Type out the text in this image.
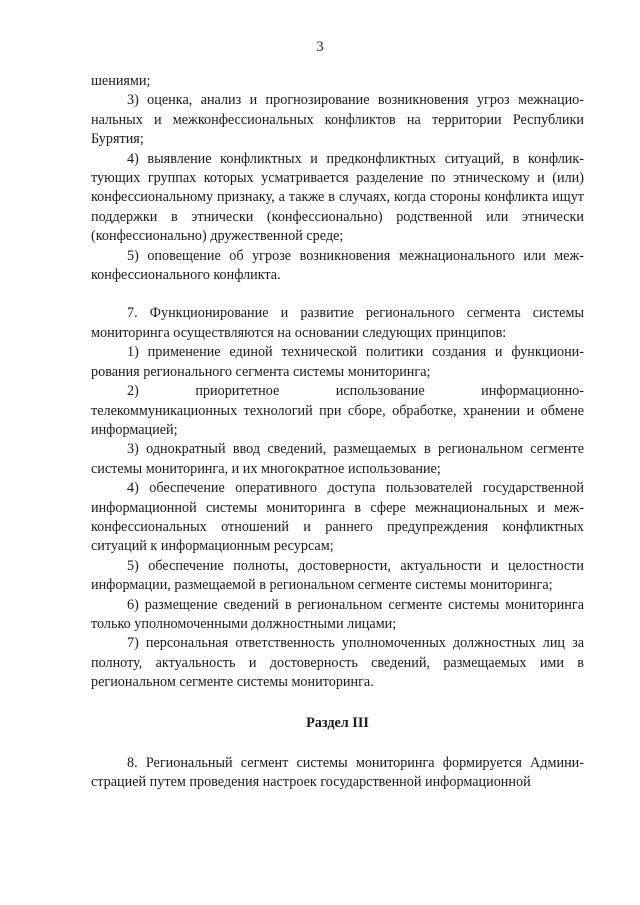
3

шениями;

3) оценка, анализ и прогнозирование возникновения угроз межнациональных и межконфессиональных конфликтов на территории Республики Бурятия;

4) выявление конфликтных и предконфликтных ситуаций, в конфликтующих группах которых усматривается разделение по этническому и (или) конфессиональному признаку, а также в случаях, когда стороны конфликта ищут поддержки в этнически (конфессионально) родственной или этнически (конфессионально) дружественной среде;

5) оповещение об угрозе возникновения межнационального или межконфессионального конфликта.

7. Функционирование и развитие регионального сегмента системы мониторинга осуществляются на основании следующих принципов:

1) применение единой технической политики создания и функционирования регионального сегмента системы мониторинга;

2)	приоритетное	использование	информационно-

телекоммуникационных технологий при сборе, обработке, хранении и обмене информацией;

3) однократный ввод сведений, размещаемых в региональном сегменте системы мониторинга, и их многократное использование;

4) обеспечение оперативного доступа пользователей государственной информационной системы мониторинга в сфере межнациональных и межконфессиональных отношений и раннего предупреждения конфликтных ситуаций к информационным ресурсам;

5) обеспечение полноты, достоверности, актуальности и целостности информации, размещаемой в региональном сегменте системы мониторинга;

6) размещение сведений в региональном сегменте системы мониторинга только уполномоченными должностными лицами;

7) персональная ответственность уполномоченных должностных лиц за полноту, актуальность и достоверность сведений, размещаемых ими в региональном сегменте системы мониторинга.

Раздел III

8. Региональный сегмент системы мониторинга формируется Администрацией путем проведения настроек государственной информационной
